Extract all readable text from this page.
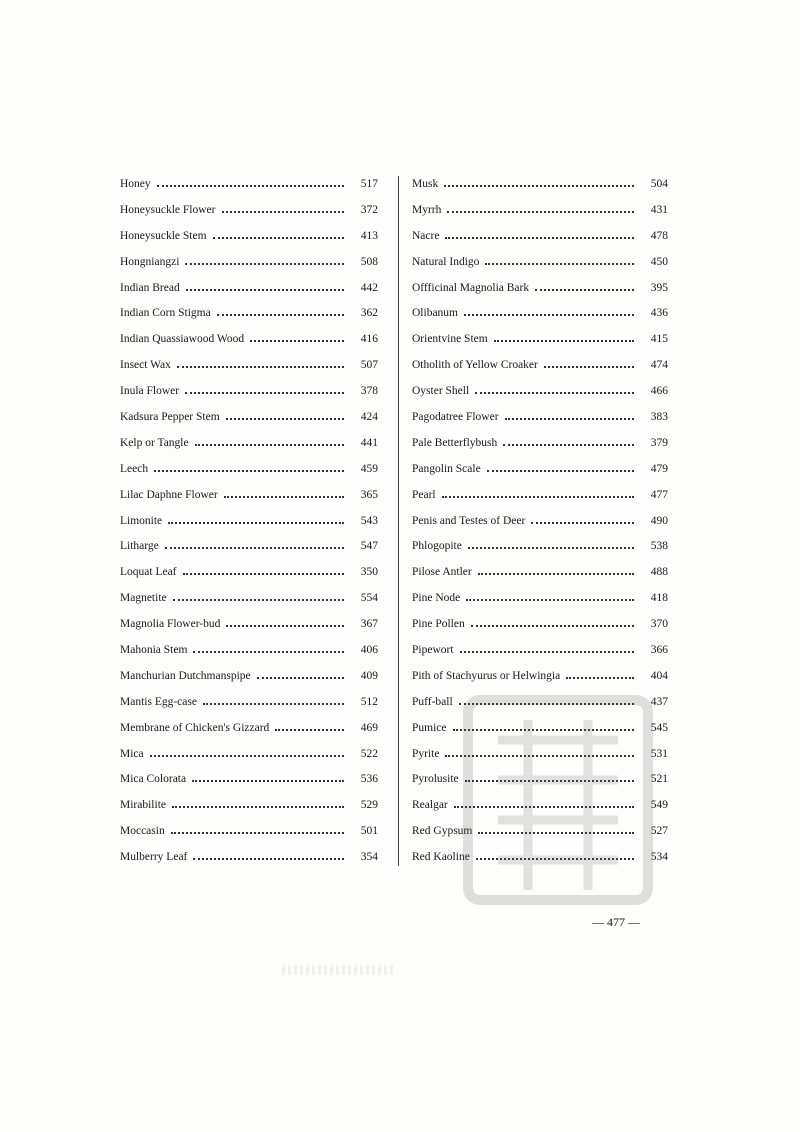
Honey	517
Honeysuckle Flower	372
Honeysuckle Stem	413
Hongniangzi	508
Indian Bread	442
Indian Corn Stigma	362
Indian Quassiawood Wood	416
Insect Wax	507
Inula Flower	378
Kadsura Pepper Stem	424
Kelp or Tangle	441
Leech	459
Lilac Daphne Flower	365
Limonite	543
Litharge	547
Loquat Leaf	350
Magnetite	554
Magnolia Flower-bud	367
Mahonia Stem	406
Manchurian Dutchmanspipe	409
Mantis Egg-case	512
Membrane of Chicken's Gizzard	469
Mica	522
Mica Colorata	536
Mirabilite	529
Moccasin	501
Mulberry Leaf	354
Musk	504
Myrrh	431
Nacre	478
Natural Indigo	450
Offficinal Magnolia Bark	395
Olibanum	436
Orientvine Stem	415
Otholith of Yellow Croaker	474
Oyster Shell	466
Pagodatree Flower	383
Pale Betterflybush	379
Pangolin Scale	479
Pearl	477
Penis and Testes of Deer	490
Phlogopite	538
Pilose Antler	488
Pine Node	418
Pine Pollen	370
Pipewort	366
Pith of Stachyurus or Helwingia	404
Puff-ball	437
Pumice	545
Pyrite	531
Pyrolusite	521
Realgar	549
Red Gypsum	527
Red Kaoline	534
— 477 —
